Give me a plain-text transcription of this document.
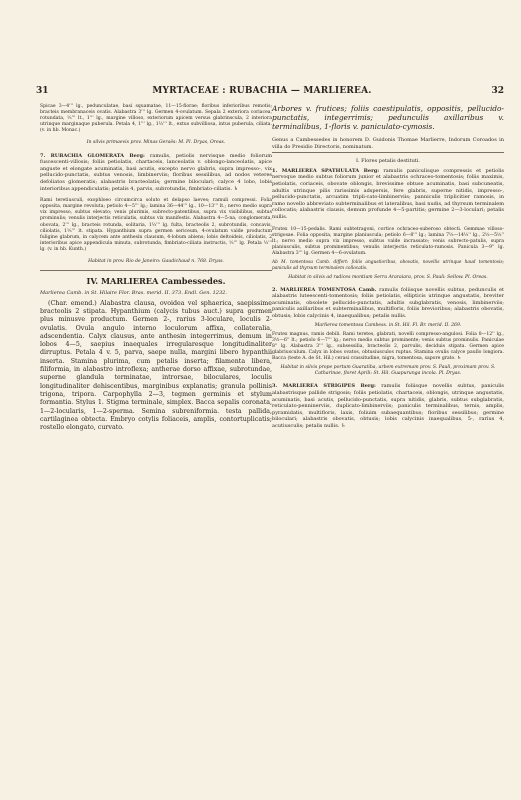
31	MYRTACEAE : RUBACHIA — MARLIEREA.	32

Spicae 3—4''' lg., pedunculatae, basi squamatae, 11—15-florae; floribus inferioribus remotis; bracteis membranaceis ovatis. Alabastra 3''' lg. Germen 4-ovulatum. Sepala 2 exteriora coriacea, rotundata, ⅓''' lt., 1''' lg., margine villoso, exteriorum apicem versus glabrinscula, 2 interiora utrinque marginaque puberula. Petala 4, 1''' lg., 1⅓''' lt., extus subvilliosa, intus puberula, ciliata. (v. in hb. Monac.)

In silvis primaevis prov. Minas Geraës: M. Pl. Dryas, Oreas.

7. RUBACHIA GLOMERATA Berg: ramulis, petiolis nervisque medio foliorum fuscescenti-villosis; foliis petiolatis, chartaceis, lanceolatis v. oblongo-lanceolatis, apice anguste et elongate acuminatis, basi acutis, excepto nervo glabris, supra impresso-, vix pellucido-punctatis, subtus venosis, limbinerviis; floribus sessilibus, ad nodos veteres defoliatos glomeratis; alabastris bracteolatis; germine biloculari; calyce 4 lobo, lobis interioribus appendiculatis; petalis 4, parvis, subrotundis, fimbriato-ciliatis. ♄

Rami teretiusculi, exophloeo circumcirca soluto et delapso laeves; ramuli compressi. Folia opposita, margine revoluta; petiolo 4—5''' lg.; lamina 36—44''' lg., 10—13''' lt.; nervo medio supra vix impresso, subtus elevato; venis plurimis, subrecto-patentibus, supra vix visibilibus, subtus prominulis; venulis interjectis reticulatis, subtus vix manifestis. Alabastra 4—5-na, conglomerata, obovata, 2''' lg., bracteis rotunda, solitaria, 1⅓''' lg. fulta, bracteolis 2, subrotundis, concavis, ciliolatis, 1⅓''' lt. stipata. Hypanthium supra germen sericeum, 4-ovulatum valde productum fuligine glabrum, in calycem ante anthesin clausum, 4-lobum abiens; lobis deltoideis, ciliolatis, 2 interioribus apice appendicula minuta, subrotunda, fimbriato-ciliata instructis, ⅓''' lg. Petala ⅓''' lg. (v. in hb. Kunth.)

Habitat in prov. Rio de Janeiro: Gaudichaud n. 768. Dryas.

IV. MARLIEREA Cambessedes.

Marlierea Camb. in St. Hilaire Flor. Bras. merid. II. 373. Endl. Gen. 1232.

(Char. emend.) Alabastra clausa, ovoidea vel sphaerica, saepissime bracteolis 2 stipata. Hypanthium (calycis tubus auct.) supra germen plus minusve productum. Germen 2-, rarius 3-loculare, loculis 2-ovulatis. Ovula angulo interno loculorum affixa, collateralia, adscendentia. Calyx clausus, ante anthesin integerrimus, demum in lobos 4—5, saepius inaequales irregularesque longitudinaliter dirruptus. Petala 4 v. 5, parva, saepe nulla, margini libero hypanthii inserta. Stamina plurima, cum petalis inserta; filamenta libera, filiformia, in alabastro introflexa; antherae dorso affixae, subrotundae, superne glandula terminatae, introrsae, biloculares, loculis longitudinaliter dehiscentibus, marginibus explanatis; granula pollinis trigona, tripora. Carpophylla 2—3, tegmen germinis et stylum formantia. Stylus 1. Stigma terminale, simplex. Bacca sepalis coronata, 1—2-locularis, 1—2-sperma. Semina subreniformia. testa pallida, cartilaginea obtecta. Embryo cotylis foliaceis, amplis, contortuplicatis; rostello elongato, curvato.

Arbores v. frutices; foliis caestipulatis, oppositis, pellucido-punctatis, integerrimis; pedunculis axillaribus v. terminalibus, 1-floris v. paniculato-cymosis.

Genus a Cambessedes in honorem D. Guidonis Thomae Marlierre, Indorum Coroados in villa do Presidio Directoris, nominatum.

I. Flores petalis destituti.

1. MARLIEREA SPATHULATA Berg: ramulis paniculisque compressis et petiolis nervoque medio subtus foliorum junior et alabastris ochraceo-tomentosis; foliis maximis, petiolatis, coriaceis, obovate oblongis, brevissime obtuse acuminatis, basi subcuneatis, adultis utrinque pilis rarissimis adspersis, fere glabris, superne nitidis, impresso-, pellucido-punctatis, arcuatim tripli-cato-limbinerviis; panniculis triplicitier ramosis, in ramo novello abbreviato subterminalibus et lateralibus, basi nudis, ad thyrsum terminalem collocatis; alabastris clausis, demum profunde 4—5-partitis; germine 2—3-loculari; petalis nullis.

Frutex 10—15-pedalis. Rami subtetragoni, cortice ochraceo-suberoso obtecti. Gemmae villoso-strigosae. Folia opposita, margine planiuscula; petiolo 6—8''' lg.; lamina 7⅓—14⅓'' lg., 2⅓—5⅓'' lt.; nervo medio supra vix impresso, subtus valde incrassato; venis subrecto-patulis, supra planiusculis, subtus prominentibus; venulis interjectis reticulato-ramosis. Panicula 3—9'' lg. Alabastra 3''' lg. Germen 4—6-ovulatum.

Ab M. tomentosa Camb. differt: foliis angustioribus, obovatis, novellis utrinque haud tomentosis; paniculis ad thyrsum terminalem collocatis.

Habitat in silvis ad radices montium Serra Araraiara, prov. S. Pauli: Sellow. Pl. Oreas.

2. MARLIEREA TOMENTOSA Camb. ramulis foliisque novellis subtus, pedunculis et alabastris luteescenti-tomentosis; foliis petiolatis, ellipticis utrinque angustatis, breviter acuminatis, obsolete pellucido-punctatis, adultis subglabratis, venosis, limbinerviis; paniculis axillaribus et subterminalibus, multifloris, foliis brevioribus; alabastris obovatis, obtusis; lobis calycinis 4, inaequalibus; petalis nullis.

Marlierea tomentosa Cambess. in St. Hil. Fl. Br. merid. II. 269.

Frutex magnus, ramis debili. Rami teretes, glabrati, novelli compresso-angulosi. Folia 8—12'' lg., 3½—6'' lt.; petiolo 6—7''' lg.; nervo medio subtus prominente; venis subtus prominulis. Paniculae 8'' lg. Alabastra 3''' lg., subsessilia, bracteolis 2, parvulis, deciduis stipata. Germen apice glabriusculum. Calyx in lobos ovatos, obtusiusculos ruptus. Stamina ovulis calyce paullo longiora. Bacca (teste A. de St. Hil.) cerasi crassitudine, nigra, tomentosa, sapore grato. ♄

Habitat in silvis prope portum Guaratiba, urbem extremam prov. S. Pauli, proximam prov. S. Catharinae, floret Aprili: St. Hil. Guapurunga incola. Pl. Dryas.

3. MARLIEREA STRIGIPES Berg: ramulis foliisque novellis subtus, paniculis alabastrisque pallide strigosis; foliis petiolatis, chartaceis, oblongis, utrinque angustatis, acuminatis, basi acutis, pellucido-punctatis, supra nitidis, glabris, subtus subglabratis, reticulato-penninerviis, duplicato-limbinerviis; paniculis terminalibus, ternis, amplis, pyramidatis, multifloris, laxis, foliuim subaequantibus; floribus sessilibus; germine biloculari; alabastris obovatis, obtusis; lobis calycinis inaequalibus, 5-, rarius 4, acutiusculis; petalis nullis. ♄
